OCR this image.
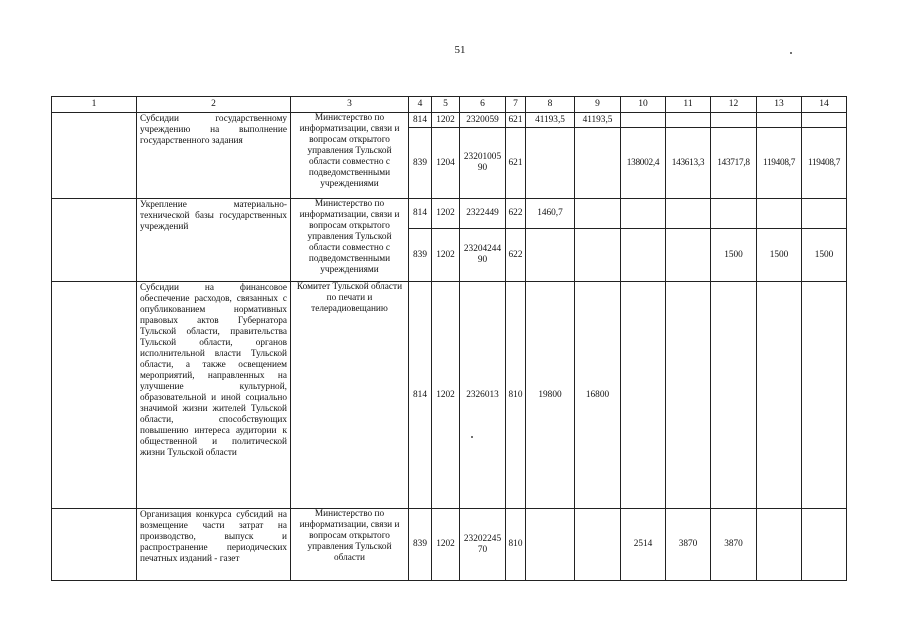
51
1	2	3	4	5	6	7	8	9	10	11	12	13	14
	Субсидии государственному учреждению на выполнение государственного задания	Министерство по информатизации, связи и вопросам открытого управления Тульской области совместно с подведомственными учреждениями	814	1202	2320059	621	41193,5	41193,5					
			839	1204	23201005 90	621			138002,4	143613,3	143717,8	119408,7	119408,7
	Укрепление материально-технической базы государственных учреждений	Министерство по информатизации, связи и вопросам открытого управления Тульской области совместно с подведомственными учреждениями	814	1202	2322449	622	1460,7						
			839	1202	23204244 90	622					1500	1500	1500
	Субсидии на финансовое обеспечение расходов, связанных с опубликованием нормативных правовых актов Губернатора Тульской области, правительства Тульской области, органов исполнительной власти Тульской области, а также освещением мероприятий, направленных на улучшение культурной, образовательной и иной социально значимой жизни жителей Тульской области, способствующих повышению интереса аудитории к общественной и политической жизни Тульской области	Комитет Тульской области по печати и телерадиовещанию	814	1202	2326013	810	19800	16800					
	Организация конкурса субсидий на возмещение части затрат на производство, выпуск и распространение периодических печатных изданий - газет	Министерство по информатизации, связи и вопросам открытого управления Тульской области	839	1202	23202245 70	810			2514	3870	3870		
